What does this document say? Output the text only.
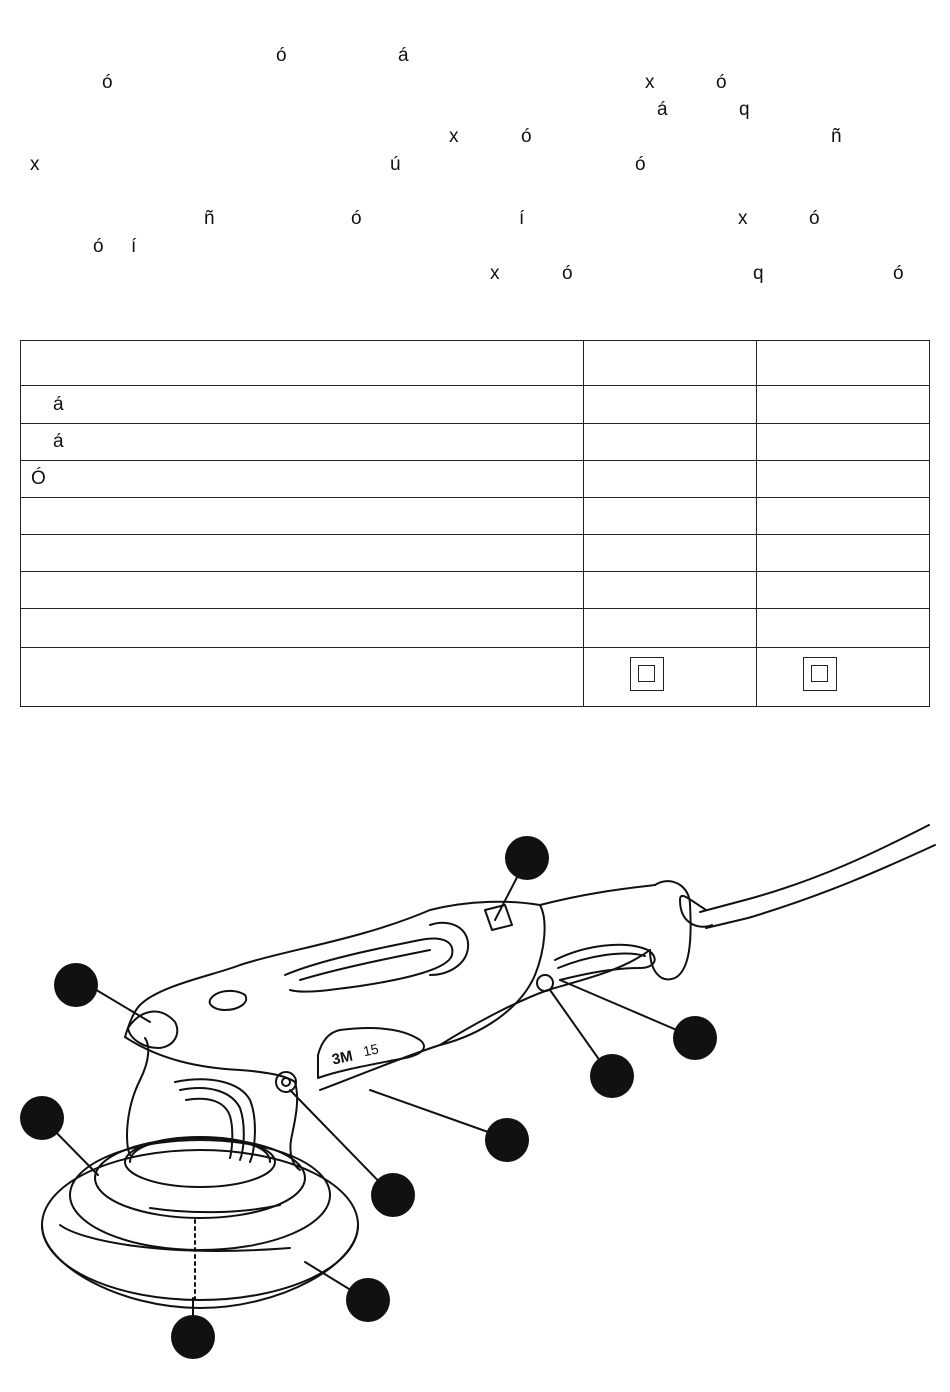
ó	á
ó	x	ó
á	q
x	ó	ñ
x	ú	ó
ñ	ó	í	x	ó
ó í
x	ó	q	ó

á		
á		
Ó		

3M 15
